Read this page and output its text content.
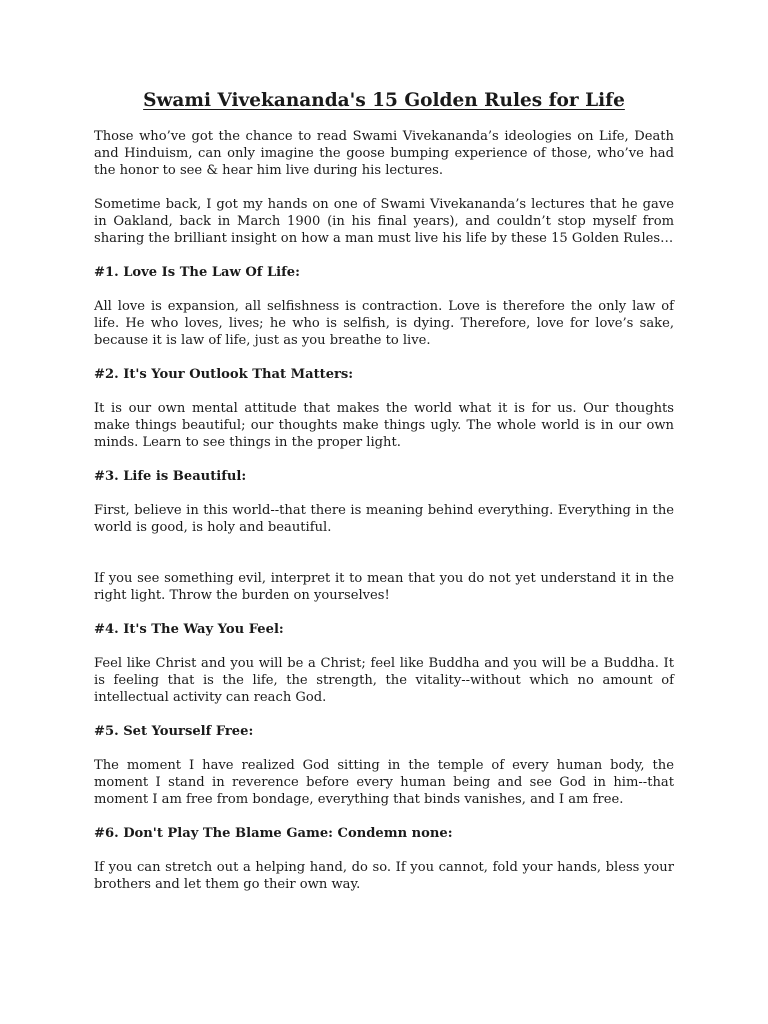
Swami Vivekananda's 15 Golden Rules for Life

Those who’ve got the chance to read Swami Vivekananda’s ideologies on Life, Death and Hinduism, can only imagine the goose bumping experience of those, who’ve had the honor to see & hear him live during his lectures.

Sometime back, I got my hands on one of Swami Vivekananda’s lectures that he gave in Oakland, back in March 1900 (in his final years), and couldn’t stop myself from sharing the brilliant insight on how a man must live his life by these 15 Golden Rules…

#1. Love Is The Law Of Life:

All love is expansion, all selfishness is contraction. Love is therefore the only law of life. He who loves, lives; he who is selfish, is dying. Therefore, love for love’s sake, because it is law of life, just as you breathe to live.

#2. It's Your Outlook That Matters:

It is our own mental attitude that makes the world what it is for us. Our thoughts make things beautiful; our thoughts make things ugly. The whole world is in our own minds. Learn to see things in the proper light.

#3. Life is Beautiful:

First, believe in this world--that there is meaning behind everything. Everything in the world is good, is holy and beautiful.

If you see something evil, interpret it to mean that you do not yet understand it in the right light. Throw the burden on yourselves!

#4. It's The Way You Feel:

Feel like Christ and you will be a Christ; feel like Buddha and you will be a Buddha. It is feeling that is the life, the strength, the vitality--without which no amount of intellectual activity can reach God.

#5. Set Yourself Free:

The moment I have realized God sitting in the temple of every human body, the moment I stand in reverence before every human being and see God in him--that moment I am free from bondage, everything that binds vanishes, and I am free.

#6. Don't Play The Blame Game: Condemn none:

If you can stretch out a helping hand, do so. If you cannot, fold your hands, bless your brothers and let them go their own way.
